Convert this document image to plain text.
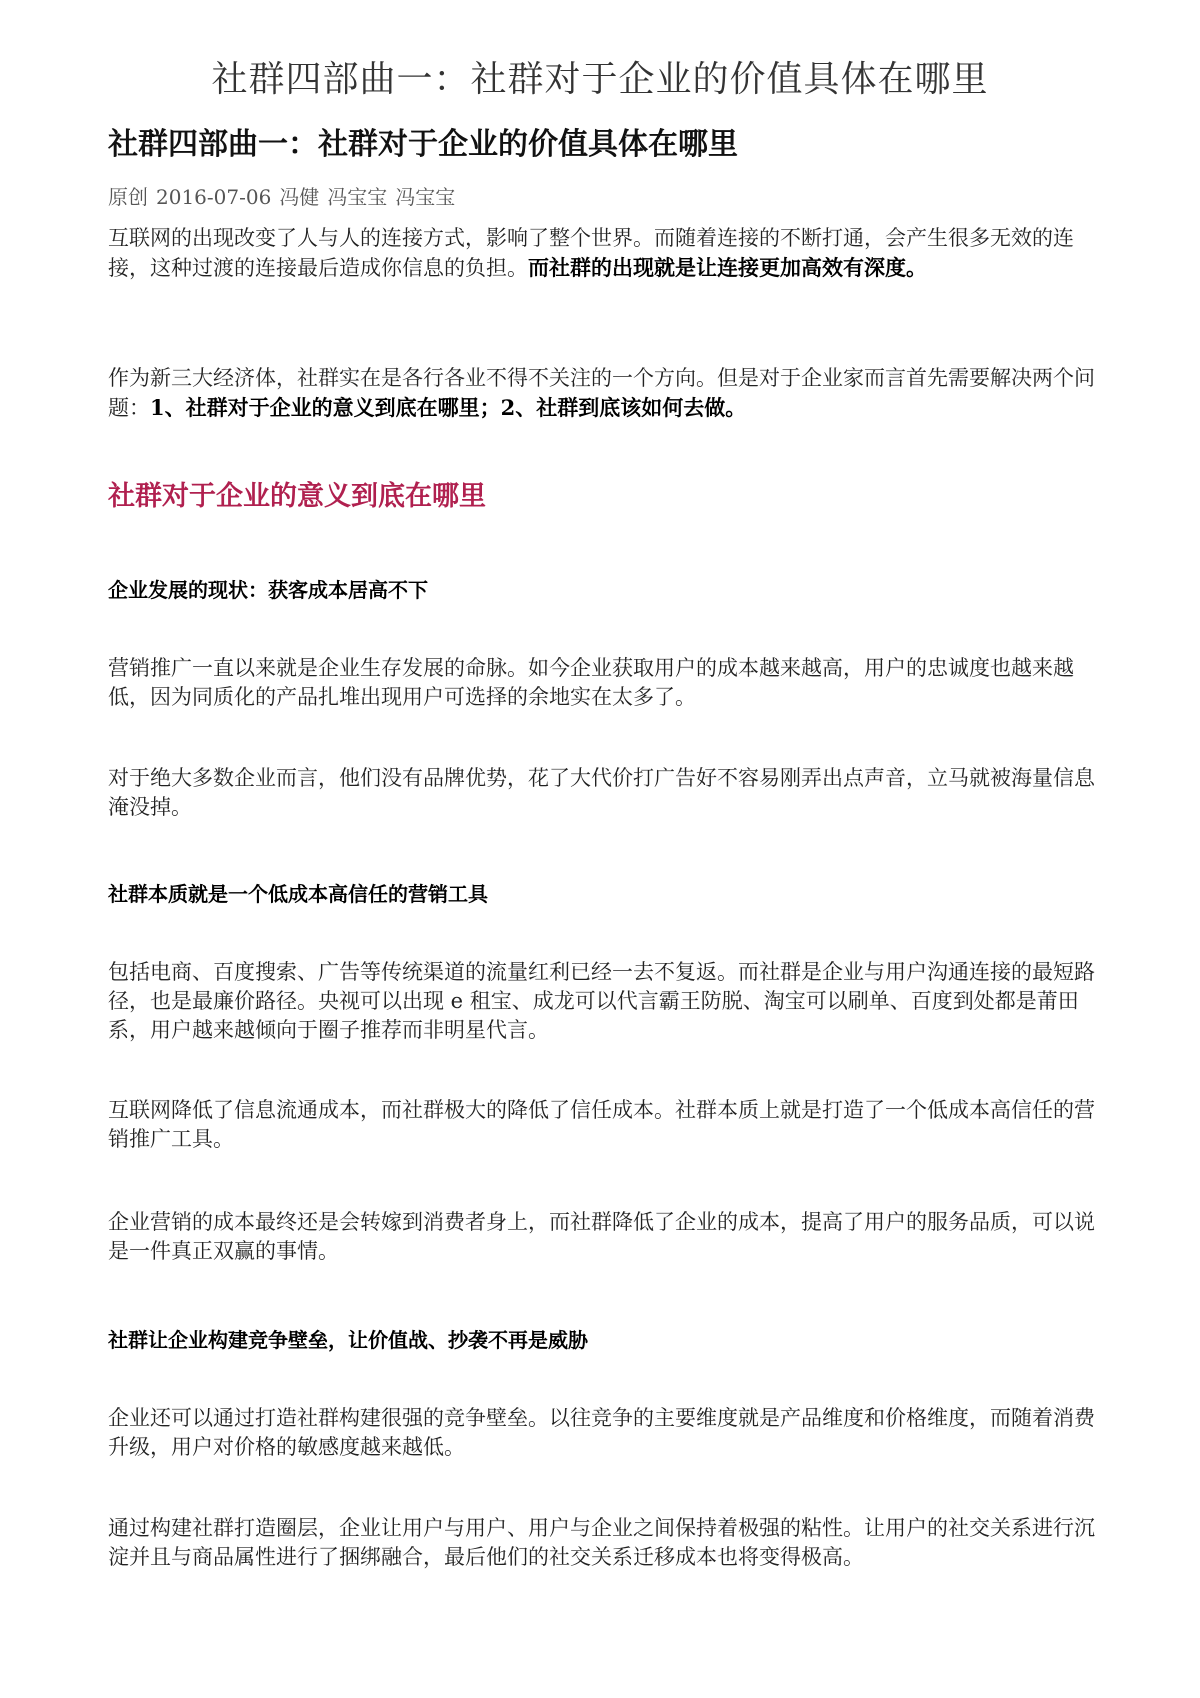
社群四部曲一：社群对于企业的价值具体在哪里
社群四部曲一：社群对于企业的价值具体在哪里
原创 2016-07-06 冯健 冯宝宝 冯宝宝

互联网的出现改变了人与人的连接方式，影响了整个世界。而随着连接的不断打通，会产生很多无效的连接，这种过渡的连接最后造成你信息的负担。而社群的出现就是让连接更加高效有深度。

作为新三大经济体，社群实在是各行各业不得不关注的一个方向。但是对于企业家而言首先需要解决两个问题：1、社群对于企业的意义到底在哪里；2、社群到底该如何去做。

社群对于企业的意义到底在哪里
企业发展的现状：获客成本居高不下

营销推广一直以来就是企业生存发展的命脉。如今企业获取用户的成本越来越高，用户的忠诚度也越来越低，因为同质化的产品扎堆出现用户可选择的余地实在太多了。

对于绝大多数企业而言，他们没有品牌优势，花了大代价打广告好不容易刚弄出点声音，立马就被海量信息淹没掉。

社群本质就是一个低成本高信任的营销工具

包括电商、百度搜索、广告等传统渠道的流量红利已经一去不复返。而社群是企业与用户沟通连接的最短路径，也是最廉价路径。央视可以出现 e 租宝、成龙可以代言霸王防脱、淘宝可以刷单、百度到处都是莆田系，用户越来越倾向于圈子推荐而非明星代言。

互联网降低了信息流通成本，而社群极大的降低了信任成本。社群本质上就是打造了一个低成本高信任的营销推广工具。

企业营销的成本最终还是会转嫁到消费者身上，而社群降低了企业的成本，提高了用户的服务品质，可以说是一件真正双赢的事情。

社群让企业构建竞争壁垒，让价值战、抄袭不再是威胁

企业还可以通过打造社群构建很强的竞争壁垒。以往竞争的主要维度就是产品维度和价格维度，而随着消费升级，用户对价格的敏感度越来越低。

通过构建社群打造圈层，企业让用户与用户、用户与企业之间保持着极强的粘性。让用户的社交关系进行沉淀并且与商品属性进行了捆绑融合，最后他们的社交关系迁移成本也将变得极高。
